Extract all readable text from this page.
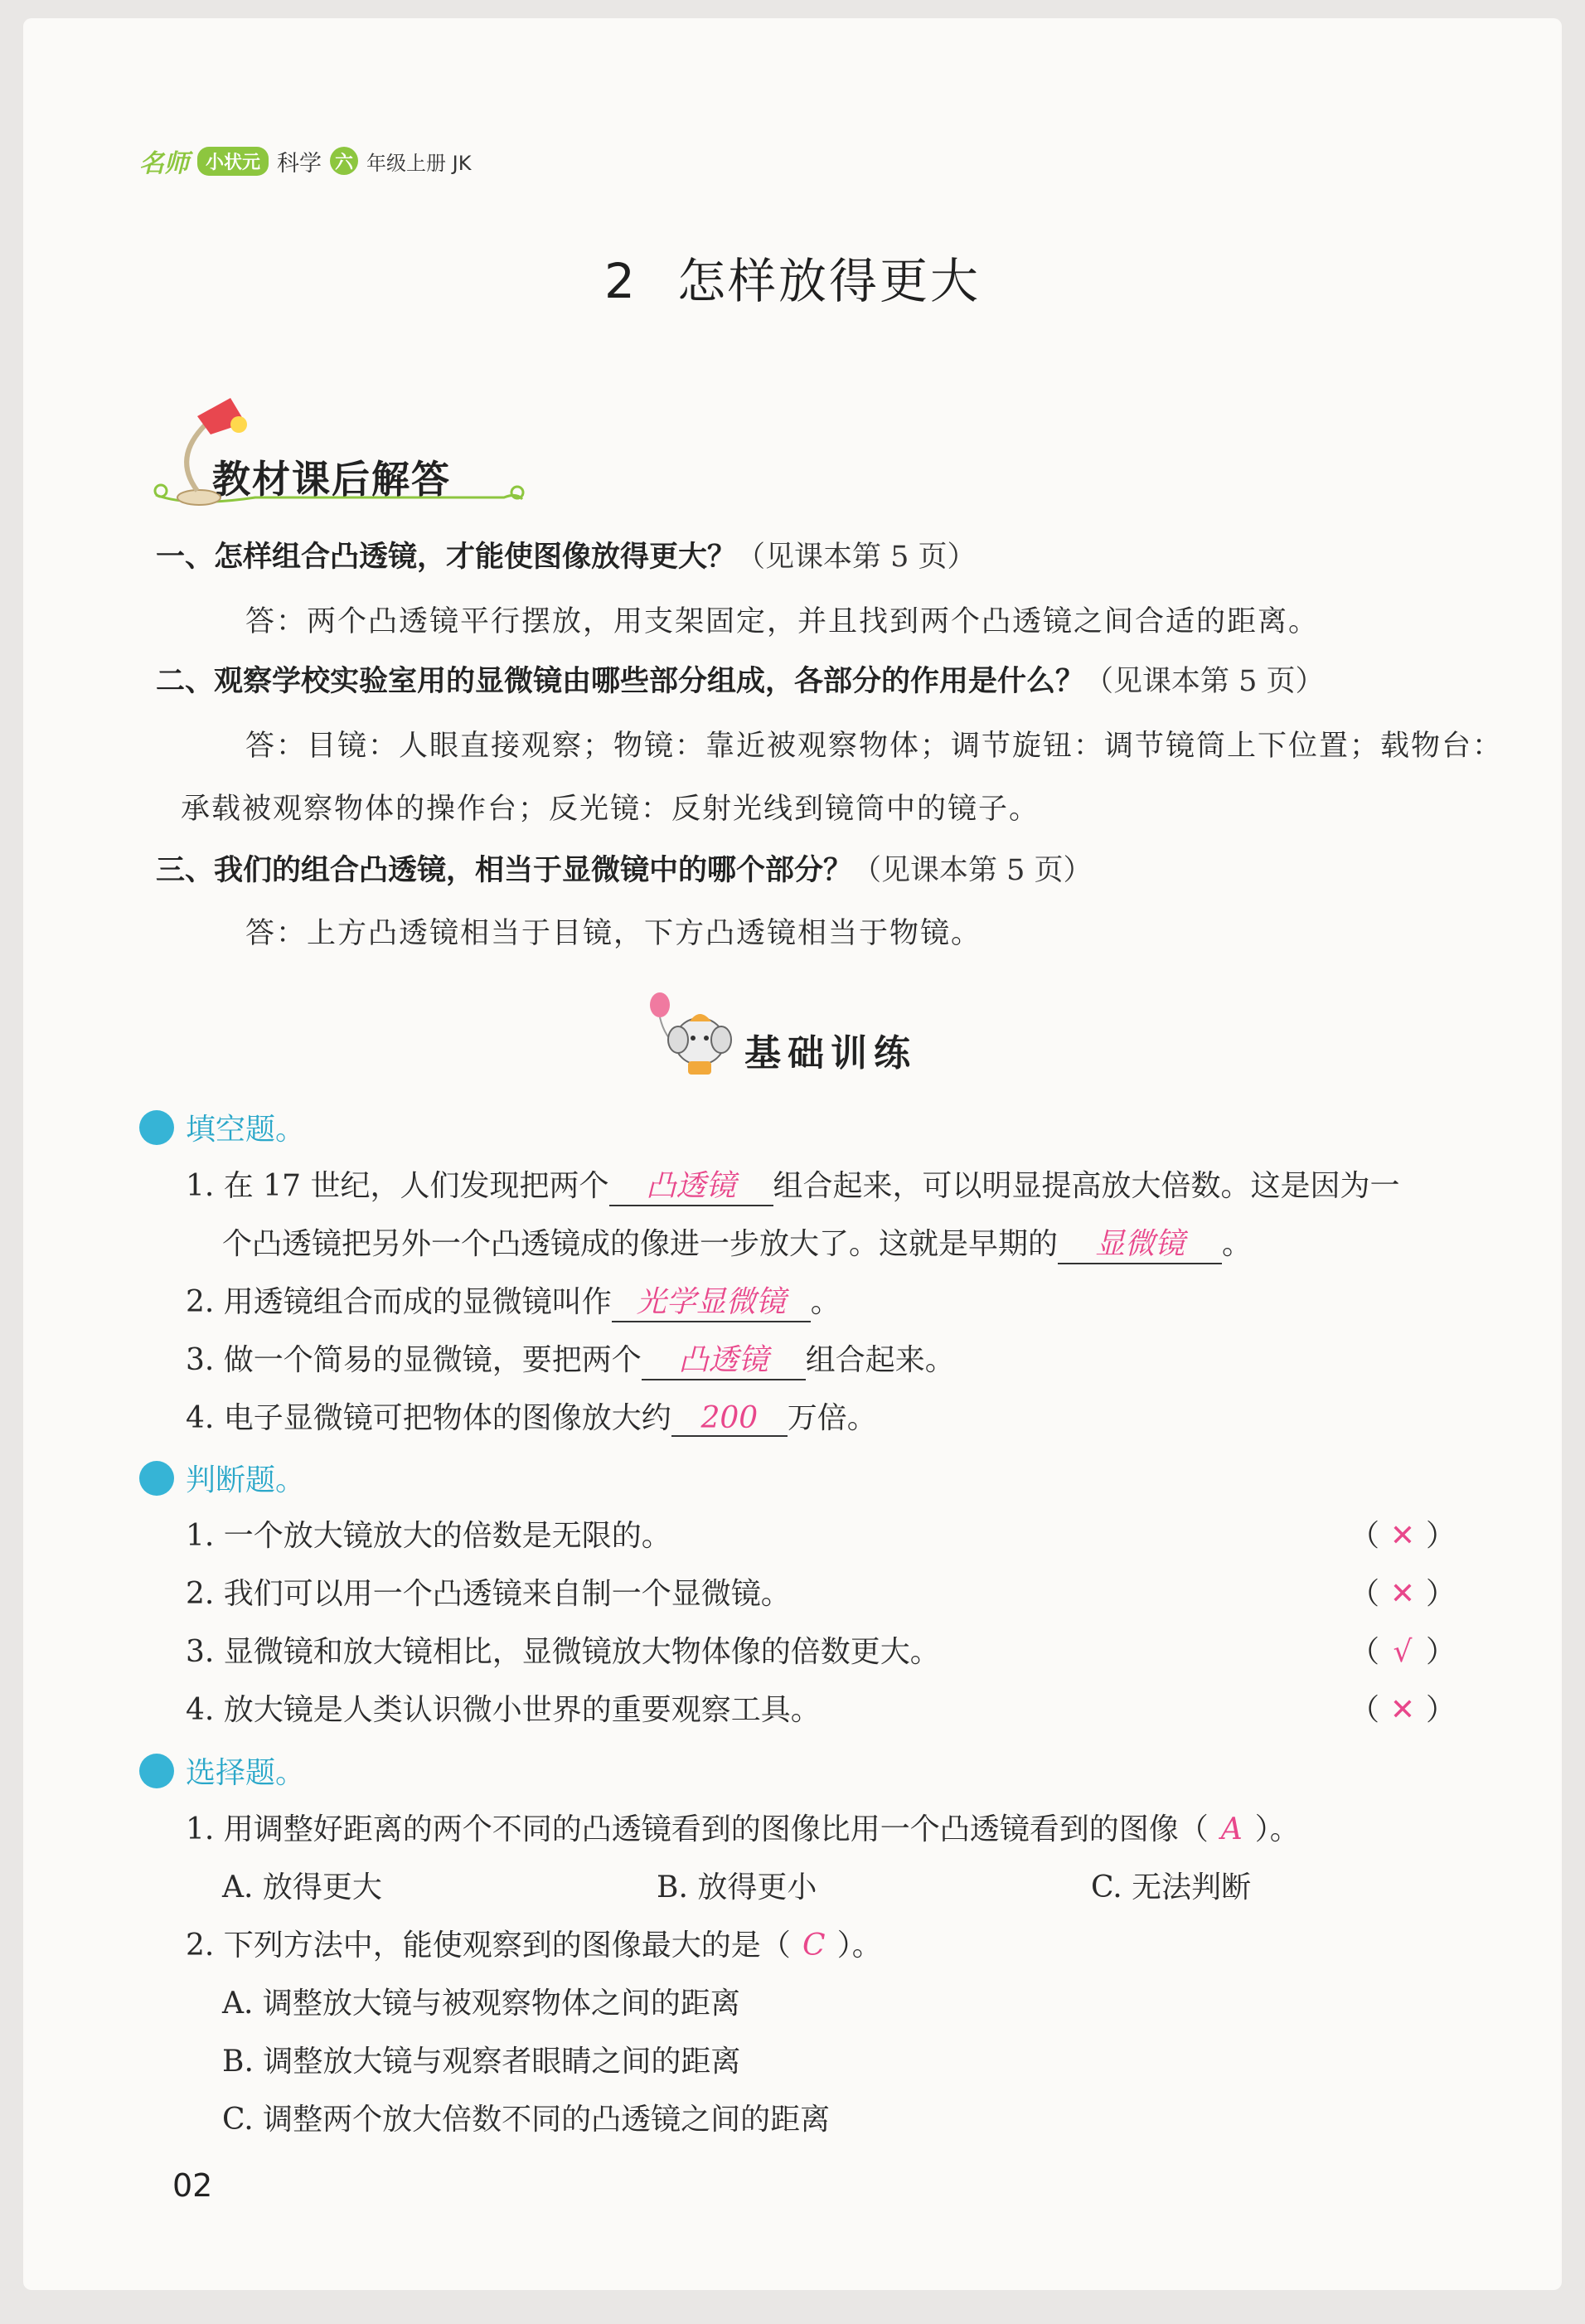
名师 小状元 科学 六 年级上册 JK
2 怎样放得更大
教材课后解答
一、怎样组合凸透镜，才能使图像放得更大？（见课本第 5 页）
答：两个凸透镜平行摆放，用支架固定，并且找到两个凸透镜之间合适的距离。
二、观察学校实验室用的显微镜由哪些部分组成，各部分的作用是什么？（见课本第 5 页）
答：目镜：人眼直接观察；物镜：靠近被观察物体；调节旋钮：调节镜筒上下位置；载物台：
承载被观察物体的操作台；反光镜：反射光线到镜筒中的镜子。
三、我们的组合凸透镜，相当于显微镜中的哪个部分？（见课本第 5 页）
答：上方凸透镜相当于目镜，下方凸透镜相当于物镜。
基础训练
填空题。
1. 在 17 世纪，人们发现把两个 凸透镜 组合起来，可以明显提高放大倍数。这是因为一
个凸透镜把另外一个凸透镜成的像进一步放大了。这就是早期的 显微镜 。
2. 用透镜组合而成的显微镜叫作 光学显微镜 。
3. 做一个简易的显微镜，要把两个 凸透镜 组合起来。
4. 电子显微镜可把物体的图像放大约 200 万倍。
判断题。
1. 一个放大镜放大的倍数是无限的。	（ ✕ ）
2. 我们可以用一个凸透镜来自制一个显微镜。	（ ✕ ）
3. 显微镜和放大镜相比，显微镜放大物体像的倍数更大。	（ √ ）
4. 放大镜是人类认识微小世界的重要观察工具。	（ ✕ ）
选择题。
1. 用调整好距离的两个不同的凸透镜看到的图像比用一个凸透镜看到的图像（ A ）。
A. 放得更大	B. 放得更小	C. 无法判断
2. 下列方法中，能使观察到的图像最大的是（ C ）。
A. 调整放大镜与被观察物体之间的距离
B. 调整放大镜与观察者眼睛之间的距离
C. 调整两个放大倍数不同的凸透镜之间的距离
02
